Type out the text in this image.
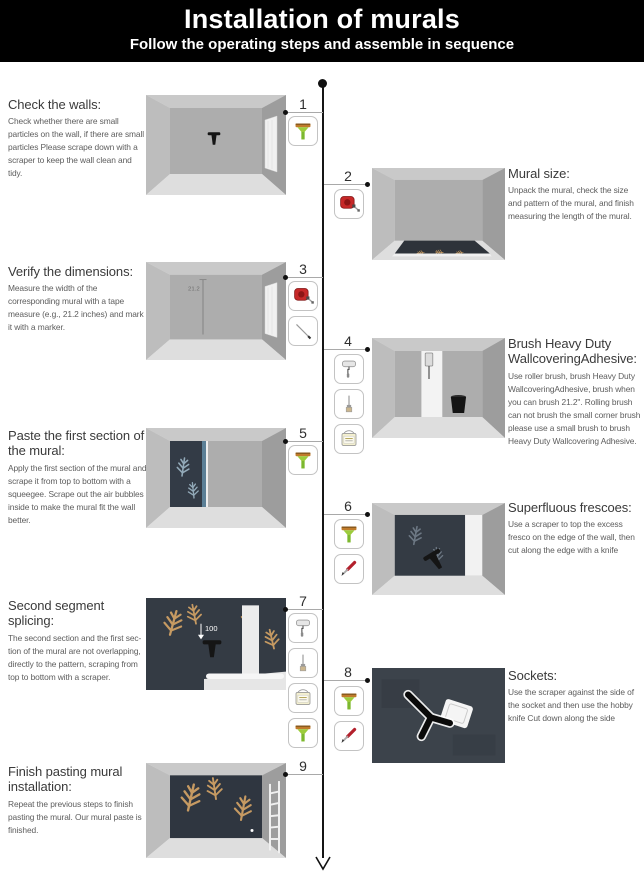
Installation of murals
Follow the operating steps and assemble in sequence
Check the walls:

Check whether there are small particles on the wall, if there are small particles Please scrape down with a scraper to keep the wall clean and tidy.

1
2	Mural size:

Unpack the mural, check the size and pattern of the mural, and finish measuring the length of the mural.

Verify the dimensions:

Measure the width of the corresponding mural with a tape measure (e.g., 21.2 inches) and mark it with a marker.

21.2
3
4	Brush Heavy Duty WallcoveringAdhesive:

Use roller brush, brush Heavy Duty WallcoveringAdhesive, brush when you can brush 21.2". Rolling brush can not brush the small corner brush please use a small brush to brush Heavy Duty Wallcovering Adhesive.

Paste the first section of the mural:

Apply the first section of the mural and scrape it from top to bottom with a squeegee. Scrape out the air bubbles inside to make the mural fit the wall better.

5
6	Superfluous frescoes:

Use a scraper to top the excess fresco on the edge of the wall, then cut along the edge with a knife

Second segment splicing:

The second section and the first sec-tion of the mural are not overlapping, directly to the pattern, scraping from top to bottom with a scraper.

100
7
8	Sockets:

Use the scraper against the side of the socket and then use the hobby knife Cut down along the side

Finish pasting mural installation:

Repeat the previous steps to finish pasting the mural. Our mural paste is finished.

9
